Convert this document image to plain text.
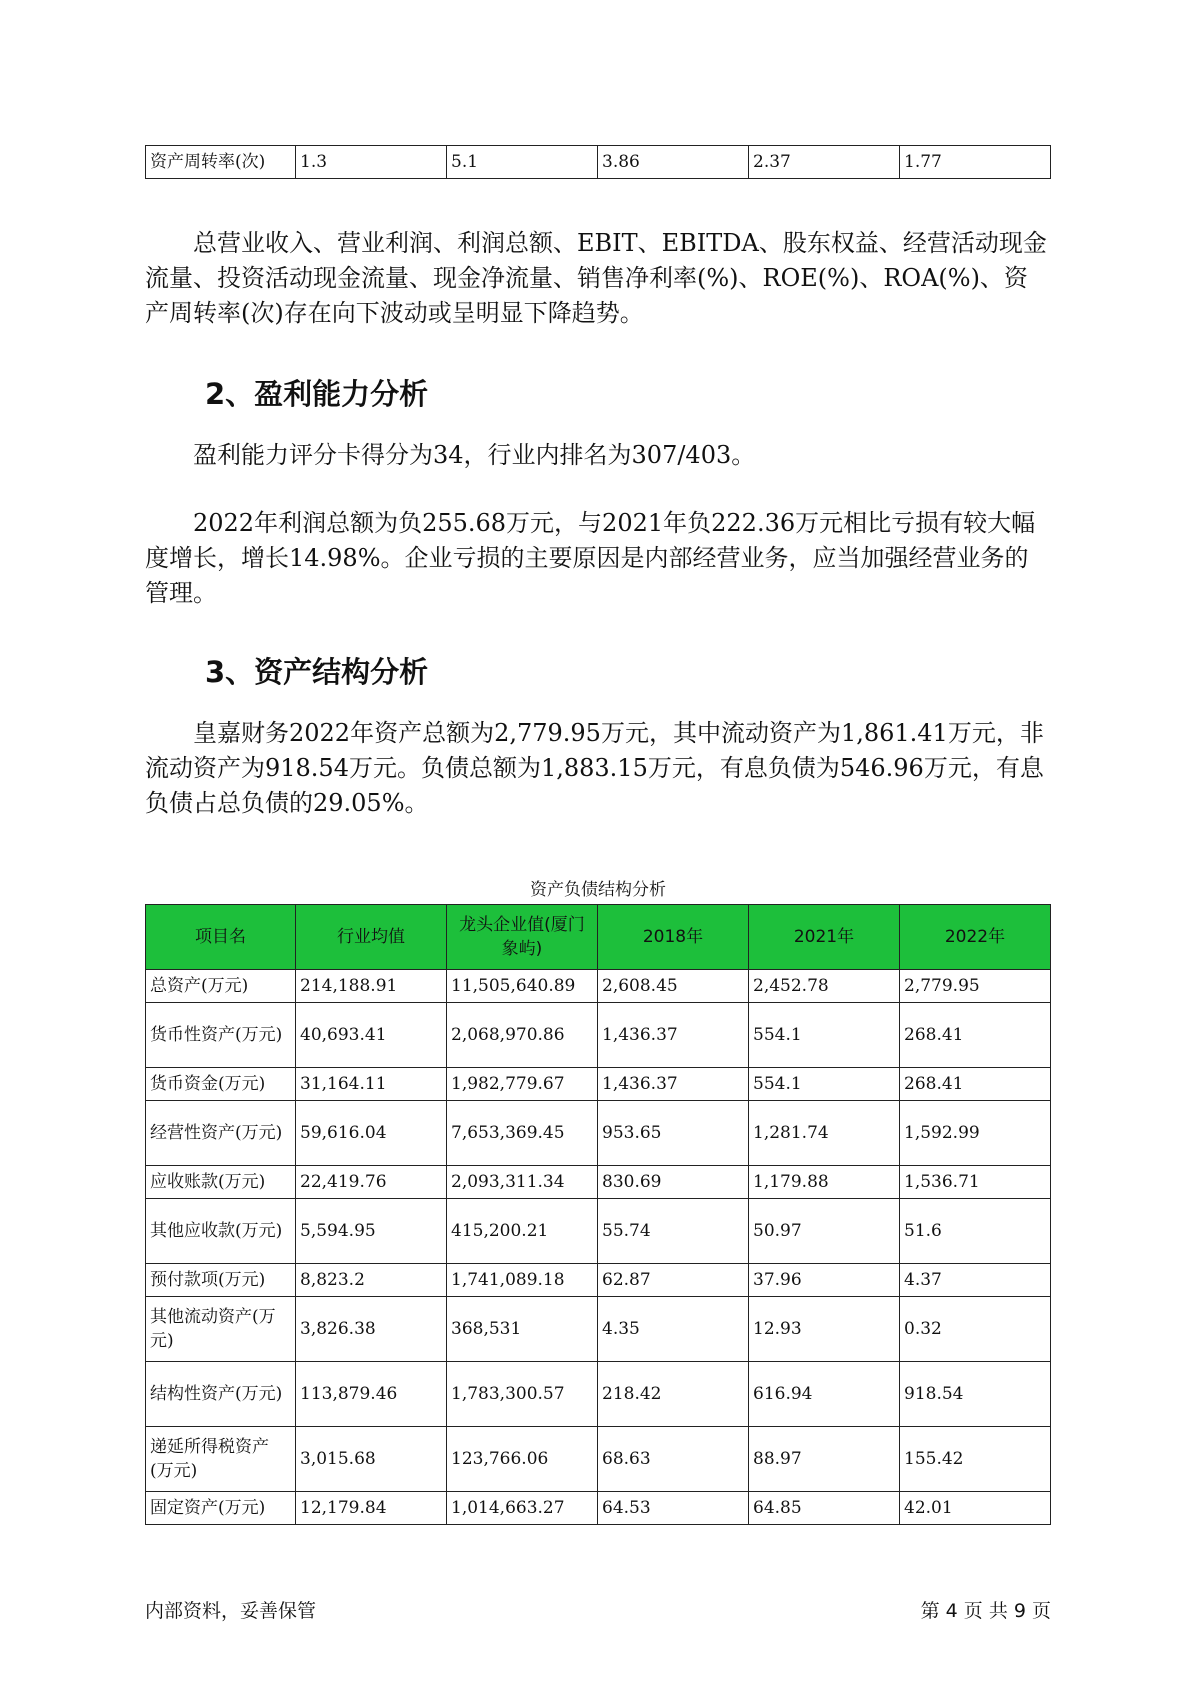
资产周转率(次)	1.3	5.1	3.86	2.37	1.77

总营业收入、营业利润、利润总额、EBIT、EBITDA、股东权益、经营活动现金流量、投资活动现金流量、现金净流量、销售净利率(%)、ROE(%)、ROA(%)、资产周转率(次)存在向下波动或呈明显下降趋势。

2、盈利能力分析

盈利能力评分卡得分为34，行业内排名为307/403。

2022年利润总额为负255.68万元，与2021年负222.36万元相比亏损有较大幅度增长，增长14.98%。企业亏损的主要原因是内部经营业务，应当加强经营业务的管理。

3、资产结构分析

皇嘉财务2022年资产总额为2,779.95万元，其中流动资产为1,861.41万元，非流动资产为918.54万元。负债总额为1,883.15万元，有息负债为546.96万元，有息负债占总负债的29.05%。

资产负债结构分析

项目名	行业均值	龙头企业值(厦门象屿)	2018年	2021年	2022年
总资产(万元)	214,188.91	11,505,640.89	2,608.45	2,452.78	2,779.95
货币性资产(万元)	40,693.41	2,068,970.86	1,436.37	554.1	268.41
货币资金(万元)	31,164.11	1,982,779.67	1,436.37	554.1	268.41
经营性资产(万元)	59,616.04	7,653,369.45	953.65	1,281.74	1,592.99
应收账款(万元)	22,419.76	2,093,311.34	830.69	1,179.88	1,536.71
其他应收款(万元)	5,594.95	415,200.21	55.74	50.97	51.6
预付款项(万元)	8,823.2	1,741,089.18	62.87	37.96	4.37
其他流动资产(万元)	3,826.38	368,531	4.35	12.93	0.32
结构性资产(万元)	113,879.46	1,783,300.57	218.42	616.94	918.54
递延所得税资产(万元)	3,015.68	123,766.06	68.63	88.97	155.42
固定资产(万元)	12,179.84	1,014,663.27	64.53	64.85	42.01

内部资料，妥善保管	第 4 页 共 9 页
